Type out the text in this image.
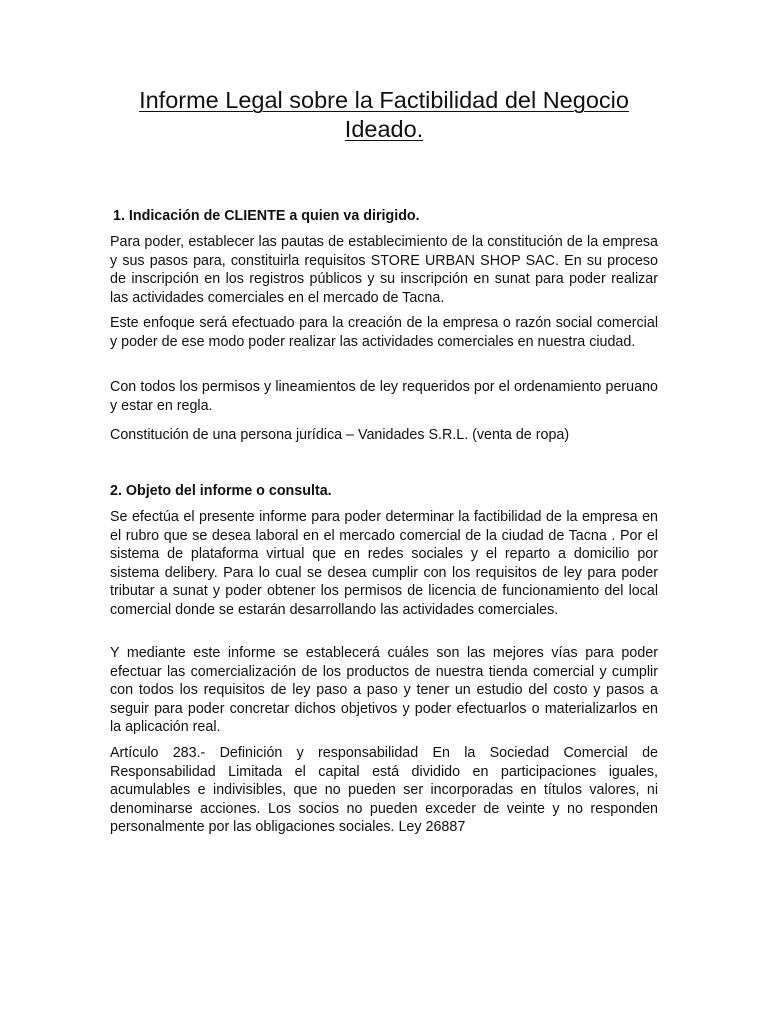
Informe Legal sobre la Factibilidad del Negocio Ideado.
1. Indicación de CLIENTE a quien va dirigido.

Para poder, establecer las pautas de establecimiento de la constitución de la empresa y sus pasos para, constituirla requisitos STORE URBAN SHOP SAC. En su proceso de inscripción en los registros públicos y su inscripción en sunat para poder realizar las actividades comerciales en el mercado de Tacna.

Este enfoque será efectuado para la creación de la empresa o razón social comercial y poder de ese modo poder realizar las actividades comerciales en nuestra ciudad.

Con todos los permisos y lineamientos de ley requeridos por el ordenamiento peruano y estar en regla.

Constitución de una persona jurídica – Vanidades S.R.L. (venta de ropa)

2. Objeto del informe o consulta.

Se efectúa el presente informe para poder determinar la factibilidad de la empresa en el rubro que se desea laboral en el mercado comercial de la ciudad de Tacna . Por el sistema de plataforma virtual que en redes sociales y el reparto a domicilio por sistema delibery. Para lo cual se desea cumplir con los requisitos de ley para poder tributar a sunat y poder obtener los permisos de licencia de funcionamiento del local comercial donde se estarán desarrollando las actividades comerciales.

Y mediante este informe se establecerá cuáles son las mejores vías para poder efectuar las comercialización de los productos de nuestra tienda comercial y cumplir con todos los requisitos de ley paso a paso y tener un estudio del costo y pasos a seguir para poder concretar dichos objetivos y poder efectuarlos o materializarlos en la aplicación real.

Artículo 283.- Definición y responsabilidad En la Sociedad Comercial de Responsabilidad Limitada el capital está dividido en participaciones iguales, acumulables e indivisibles, que no pueden ser incorporadas en títulos valores, ni denominarse acciones. Los socios no pueden exceder de veinte y no responden personalmente por las obligaciones sociales. Ley 26887
